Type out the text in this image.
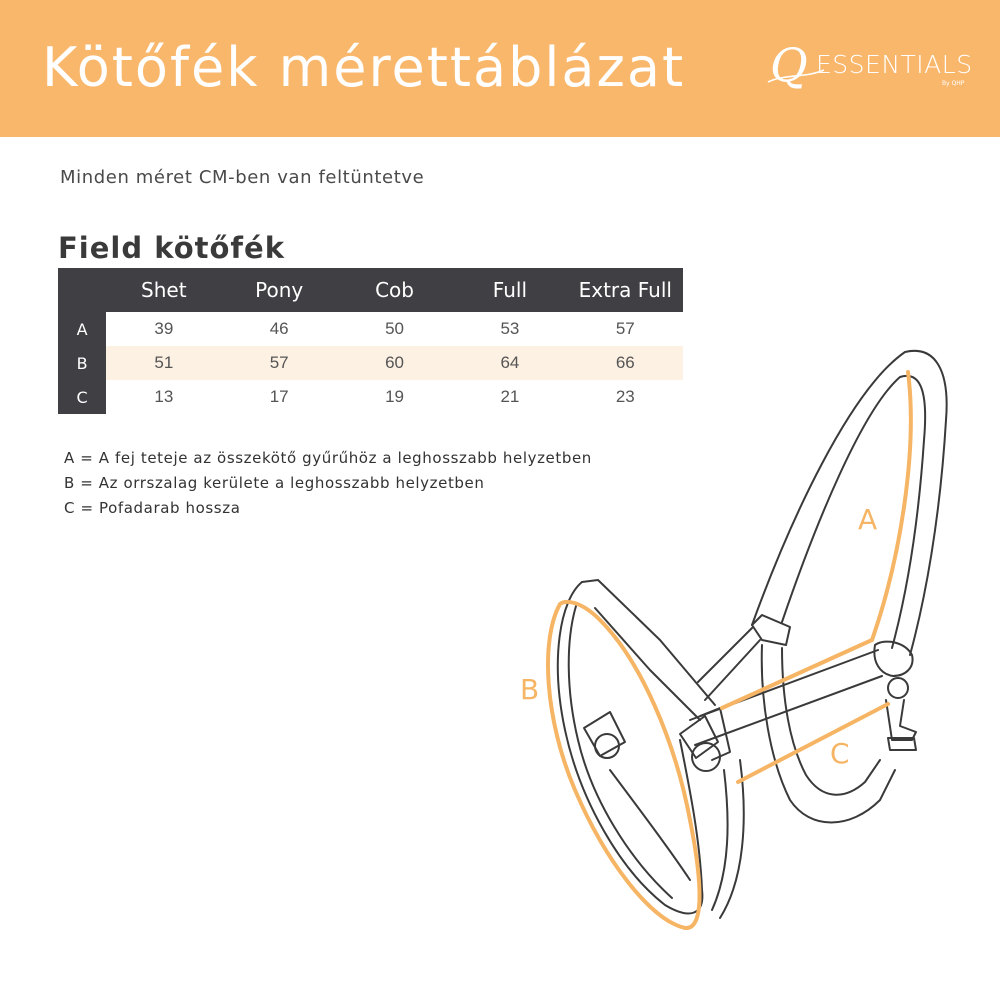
Kötőfék mérettáblázat Q ESSENTIALS
By QHP
Minden méret CM-ben van feltüntetve
Field kötőfék
	Shet	Pony	Cob	Full	Extra Full
A	39	46	50	53	57
B	51	57	60	64	66
C	13	17	19	21	23
A = A fej teteje az összekötő gyűrűhöz a leghosszabb helyzetben
B = Az orrszalag kerülete a leghosszabb helyzetben
C = Pofadarab hossza	A
B
C
